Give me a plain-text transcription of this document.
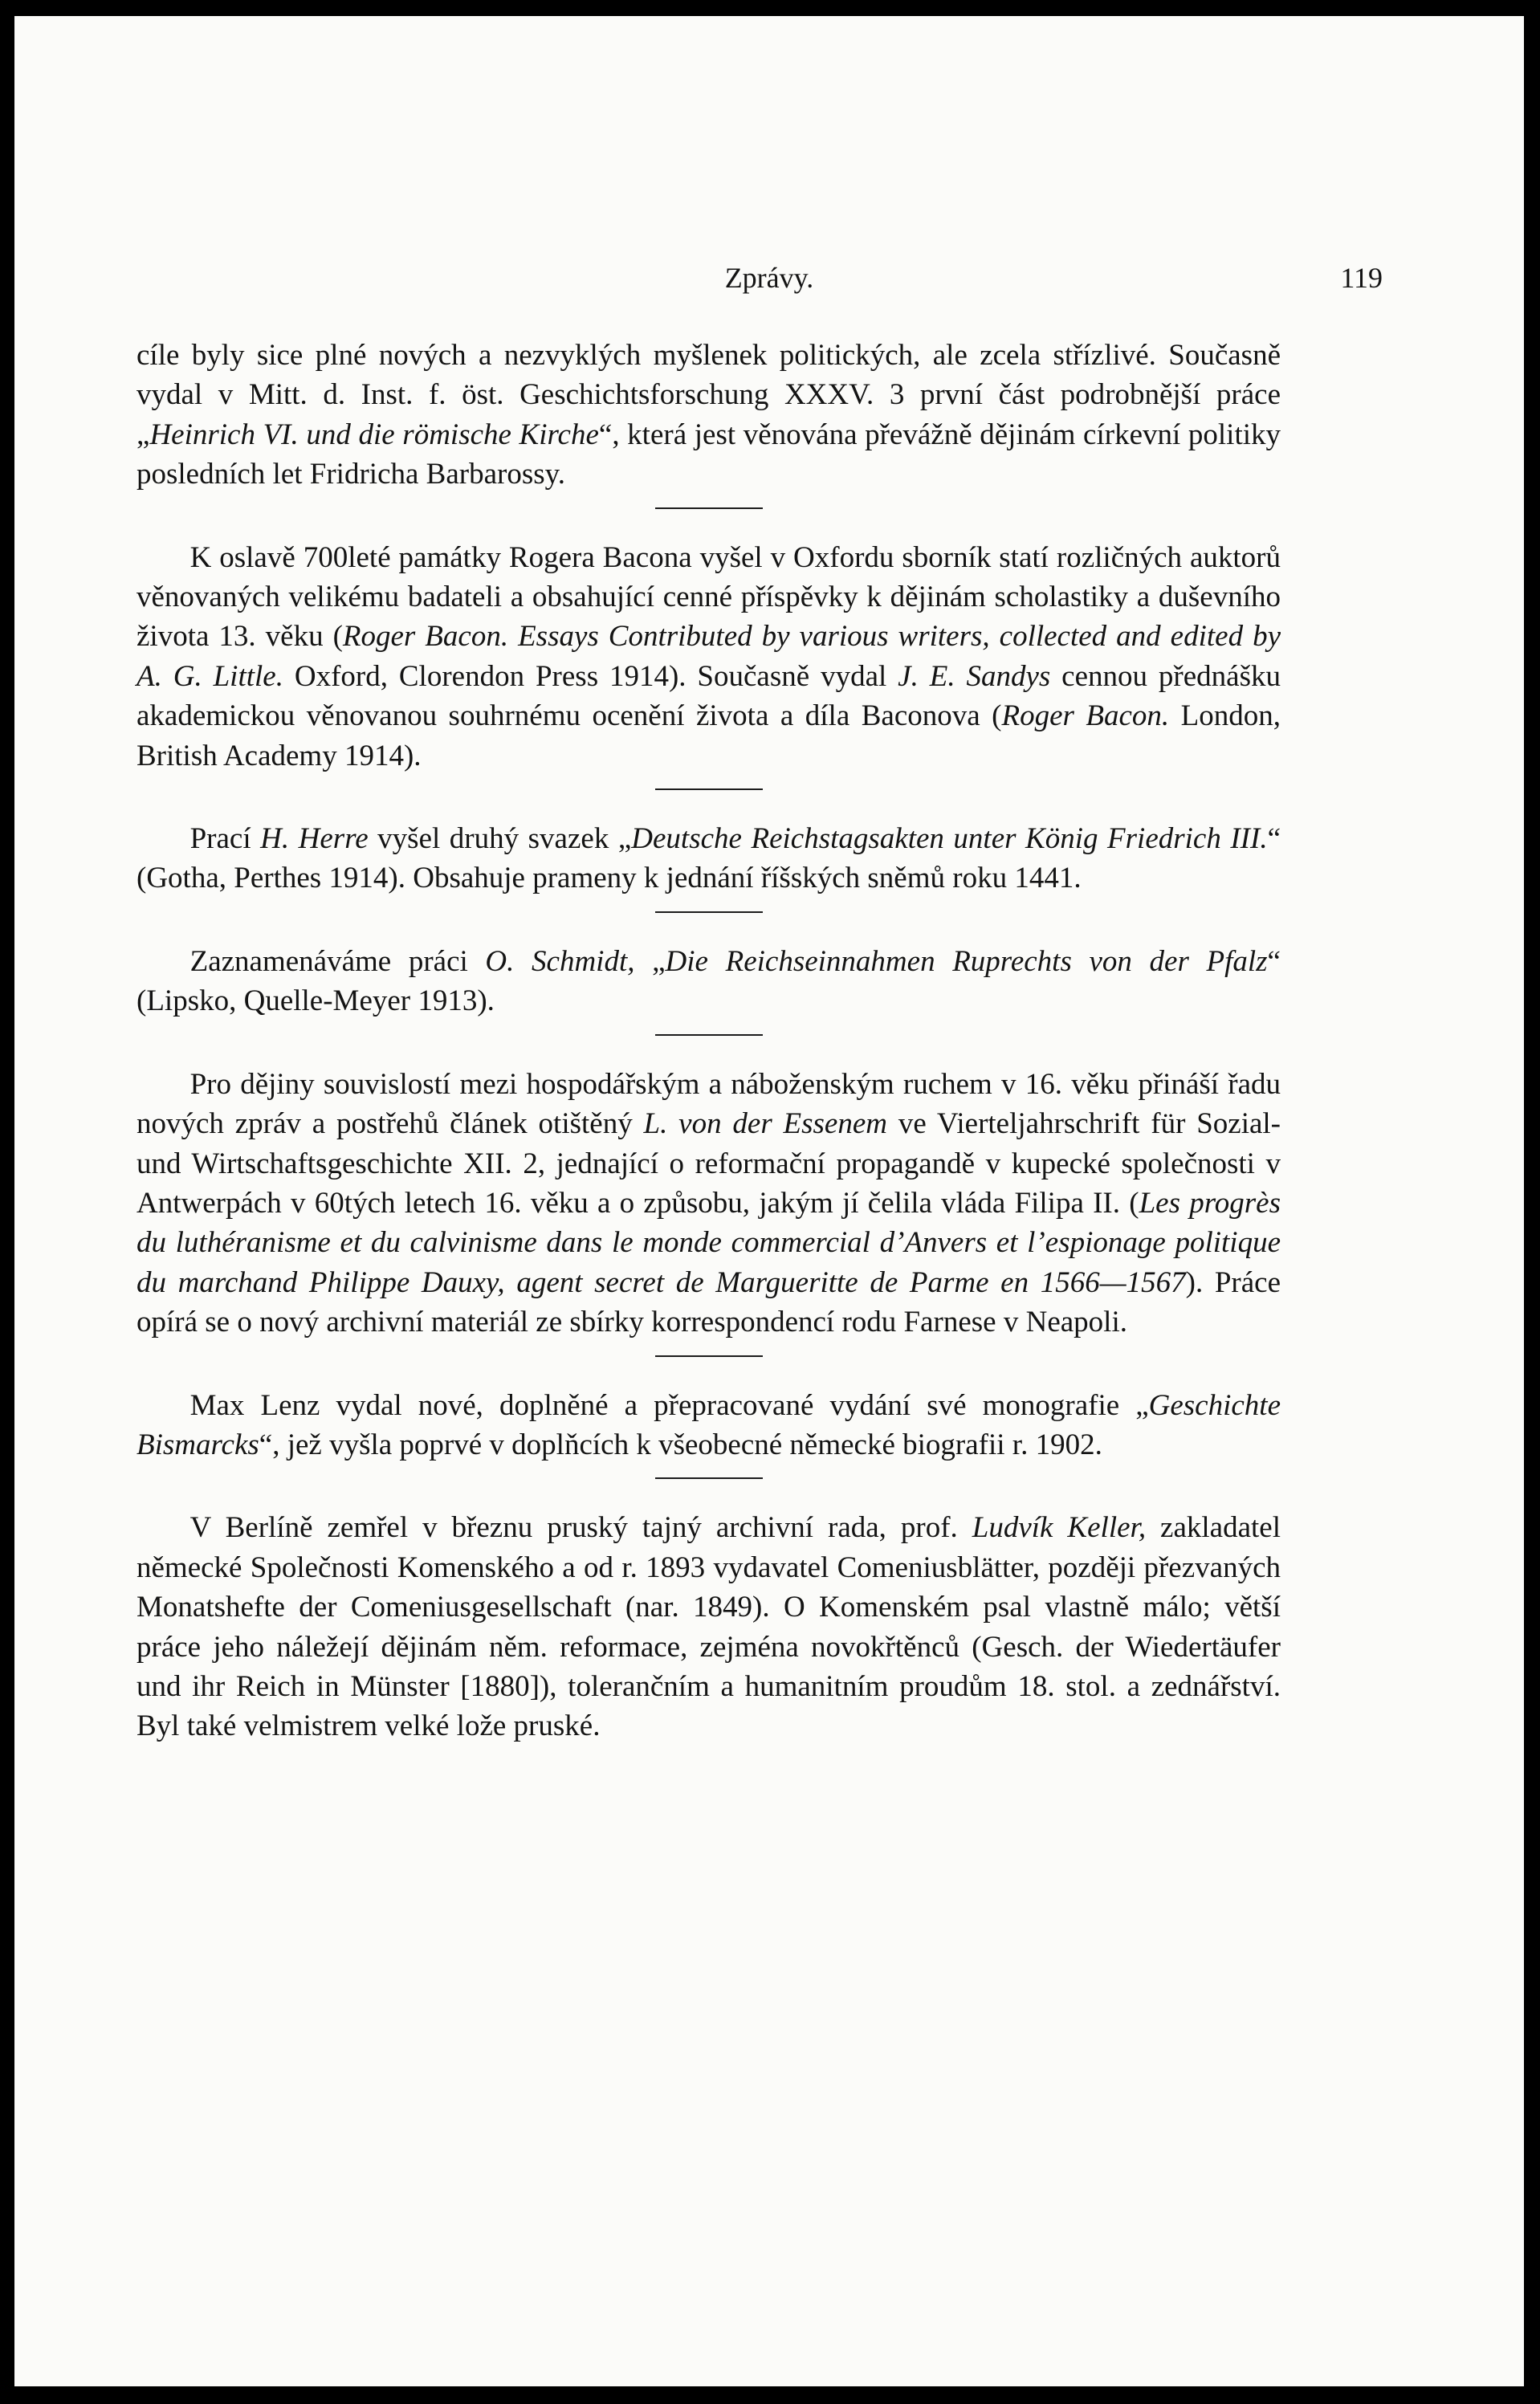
Zprávy.	119

cíle byly sice plné nových a nezvyklých myšlenek politických, ale zcela střízlivé. Současně vydal v Mitt. d. Inst. f. öst. Geschichtsforschung XXXV. 3 první část podrobnější práce „Heinrich VI. und die römische Kirche“, která jest věnována převážně dějinám církevní politiky posledních let Fridricha Barbarossy.

K oslavě 700leté památky Rogera Bacona vyšel v Oxfordu sborník statí rozličných auktorů věnovaných velikému badateli a obsahující cenné příspěvky k dějinám scholastiky a duševního života 13. věku (Roger Bacon. Essays Contributed by various writers, collected and edited by A. G. Little. Oxford, Clorendon Press 1914). Současně vydal J. E. Sandys cennou přednášku akademickou věnovanou souhrnému ocenění života a díla Baconova (Roger Bacon. London, British Academy 1914).

Prací H. Herre vyšel druhý svazek „Deutsche Reichstagsakten unter König Friedrich III.“ (Gotha, Perthes 1914). Obsahuje prameny k jednání říšských sněmů roku 1441.

Zaznamenáváme práci O. Schmidt, „Die Reichseinnahmen Ruprechts von der Pfalz“ (Lipsko, Quelle-Meyer 1913).

Pro dějiny souvislostí mezi hospodářským a náboženským ruchem v 16. věku přináší řadu nových zpráv a postřehů článek otištěný L. von der Essenem ve Vierteljahrschrift für Sozial- und Wirtschaftsgeschichte XII. 2, jednající o reformační propagandě v kupecké společnosti v Antwerpách v 60tých letech 16. věku a o způsobu, jakým jí čelila vláda Filipa II. (Les progrès du luthéranisme et du calvinisme dans le monde commercial d’Anvers et l’espionage politique du marchand Philippe Dauxy, agent secret de Margueritte de Parme en 1566—1567). Práce opírá se o nový archivní materiál ze sbírky korrespondencí rodu Farnese v Neapoli.

Max Lenz vydal nové, doplněné a přepracované vydání své monografie „Geschichte Bismarcks“, jež vyšla poprvé v doplňcích k všeobecné německé biografii r. 1902.

V Berlíně zemřel v březnu pruský tajný archivní rada, prof. Ludvík Keller, zakladatel německé Společnosti Komenského a od r. 1893 vydavatel Comeniusblätter, později přezvaných Monatshefte der Comeniusgesellschaft (nar. 1849). O Komenském psal vlastně málo; větší práce jeho náležejí dějinám něm. reformace, zejména novokřtěnců (Gesch. der Wiedertäufer und ihr Reich in Münster [1880]), tolerančním a humanitním proudům 18. stol. a zednářství. Byl také velmistrem velké lože pruské.
